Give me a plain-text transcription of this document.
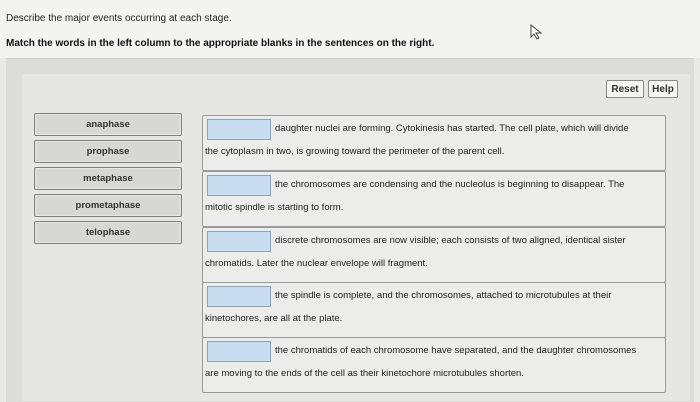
Describe the major events occurring at each stage.
Match the words in the left column to the appropriate blanks in the sentences on the right.
Reset	Help
anaphase
prophase
metaphase
prometaphase
telophase
daughter nuclei are forming. Cytokinesis has started. The cell plate, which will divide
the cytoplasm in two, is growing toward the perimeter of the parent cell.
the chromosomes are condensing and the nucleolus is beginning to disappear. The
mitotic spindle is starting to form.
discrete chromosomes are now visible; each consists of two aligned, identical sister
chromatids. Later the nuclear envelope will fragment.
the spindle is complete, and the chromosomes, attached to microtubules at their
kinetochores, are all at the plate.
the chromatids of each chromosome have separated, and the daughter chromosomes
are moving to the ends of the cell as their kinetochore microtubules shorten.
